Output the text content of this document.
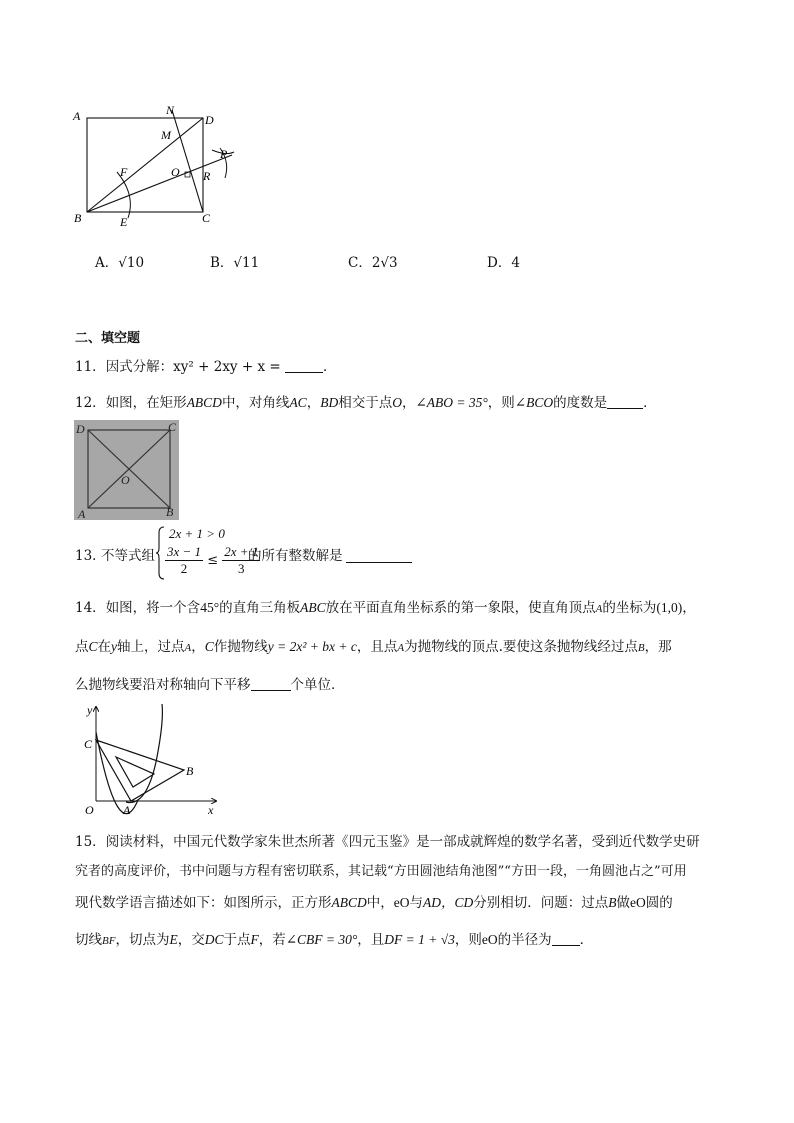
A	N
D
M
P
F	O R
B	E	C
A．√10	B．√11	C．2√3	D．4
二、填空题
11．因式分解：xy² + 2xy + x =	．
12．如图，在矩形ABCD中，对角线AC，BD相交于点O，∠ABO = 35°，则∠BCO的度数是	．
D	C
O
A	B
13．
不等式组
2x + 1 > 0
$\frac{3x - 1}{2} \le \frac{2x + 1}{3}$
的所有整数解是
14．如图，将一个含45°的直角三角板ABC放在平面直角坐标系的第一象限，使直角顶点A的坐标为(1,0)，
点C在y轴上，过点A，C作抛物线y = 2x² + bx + c，且点A为抛物线的顶点.要使这条抛物线经过点B，那
么抛物线要沿对称轴向下平移	个单位．
y
C
B
O A	x
15．阅读材料，中国元代数学家朱世杰所著《四元玉鉴》是一部成就辉煌的数学名著，受到近代数学史研
究者的高度评价，书中问题与方程有密切联系，其记载“方田圆池结角池图”“方田一段，一角圆池占之”可用
现代数学语言描述如下：如图所示，正方形ABCD中，eO与AD，CD分别相切．问题：过点B做eO圆的
切线BF，切点为E，交DC于点F，若∠CBF = 30°，且DF = 1 + √3，则eO的半径为 ．
